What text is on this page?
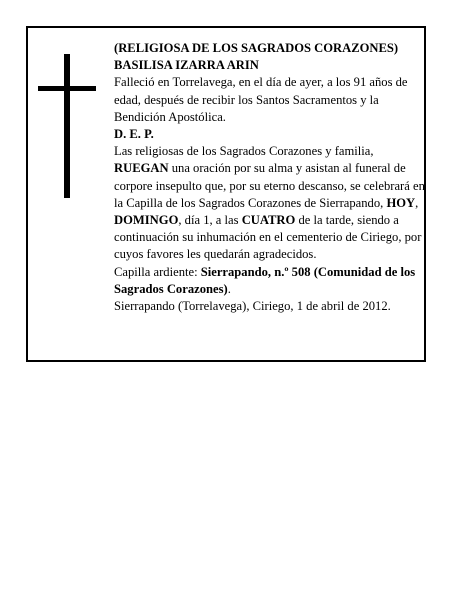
(RELIGIOSA DE LOS SAGRADOS CORAZONES)

BASILISA IZARRA ARIN

Falleció en Torrelavega, en el día de ayer, a los 91 años de edad, después de recibir los Santos Sacramentos y la Bendición Apostólica.

D. E. P.

Las religiosas de los Sagrados Corazones y familia,

RUEGAN una oración por su alma y asistan al funeral de corpore insepulto que, por su eterno descanso, se celebrará en la Capilla de los Sagrados Corazones de Sierrapando, HOY, DOMINGO, día 1, a las CUATRO de la tarde, siendo a continuación su inhumación en el cementerio de Ciriego, por cuyos favores les quedarán agradecidos.

Capilla ardiente: Sierrapando, n.º 508 (Comunidad de los Sagrados Corazones).

Sierrapando (Torrelavega), Ciriego, 1 de abril de 2012.
